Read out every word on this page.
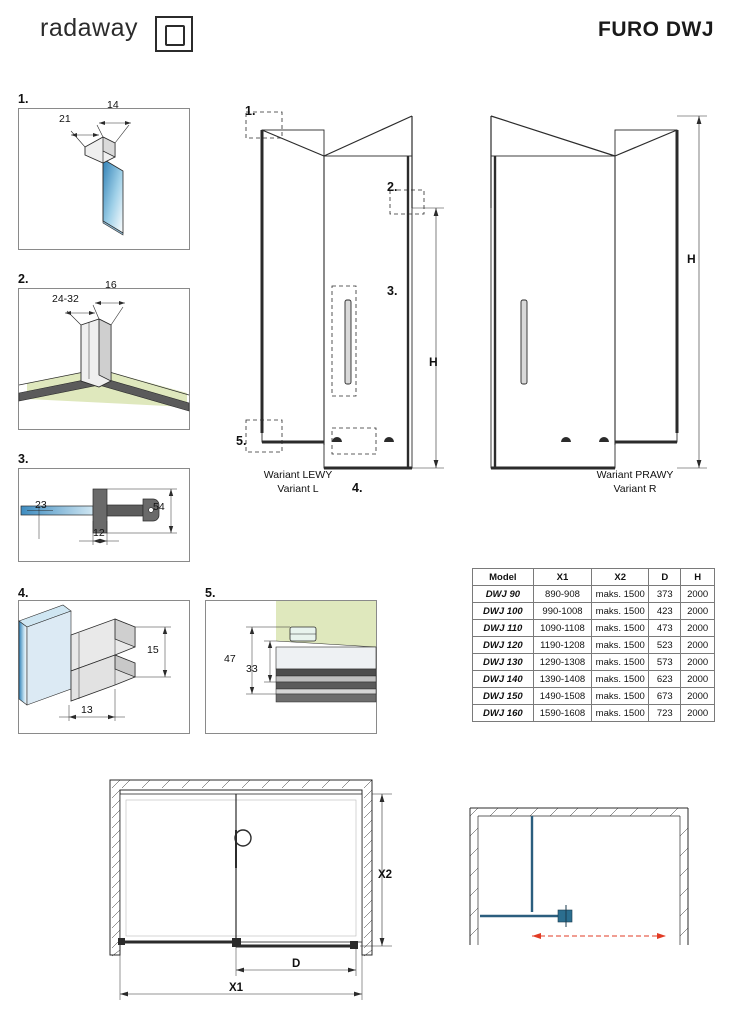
radaway	FURO DWJ
1.
21
14
2.
24-32
16
3.
23
12
54
4.
13
15
5.
47
33
1.
2.
3.
4.
5.
H
Wariant LEWY
Variant L
H
Wariant PRAWY
Variant R
Model	X1	X2	D	H
DWJ 90	890-908	maks. 1500	373	2000
DWJ 100	990-1008	maks. 1500	423	2000
DWJ 110	1090-1108	maks. 1500	473	2000
DWJ 120	1190-1208	maks. 1500	523	2000
DWJ 130	1290-1308	maks. 1500	573	2000
DWJ 140	1390-1408	maks. 1500	623	2000
DWJ 150	1490-1508	maks. 1500	673	2000
DWJ 160	1590-1608	maks. 1500	723	2000
X2
D
X1
